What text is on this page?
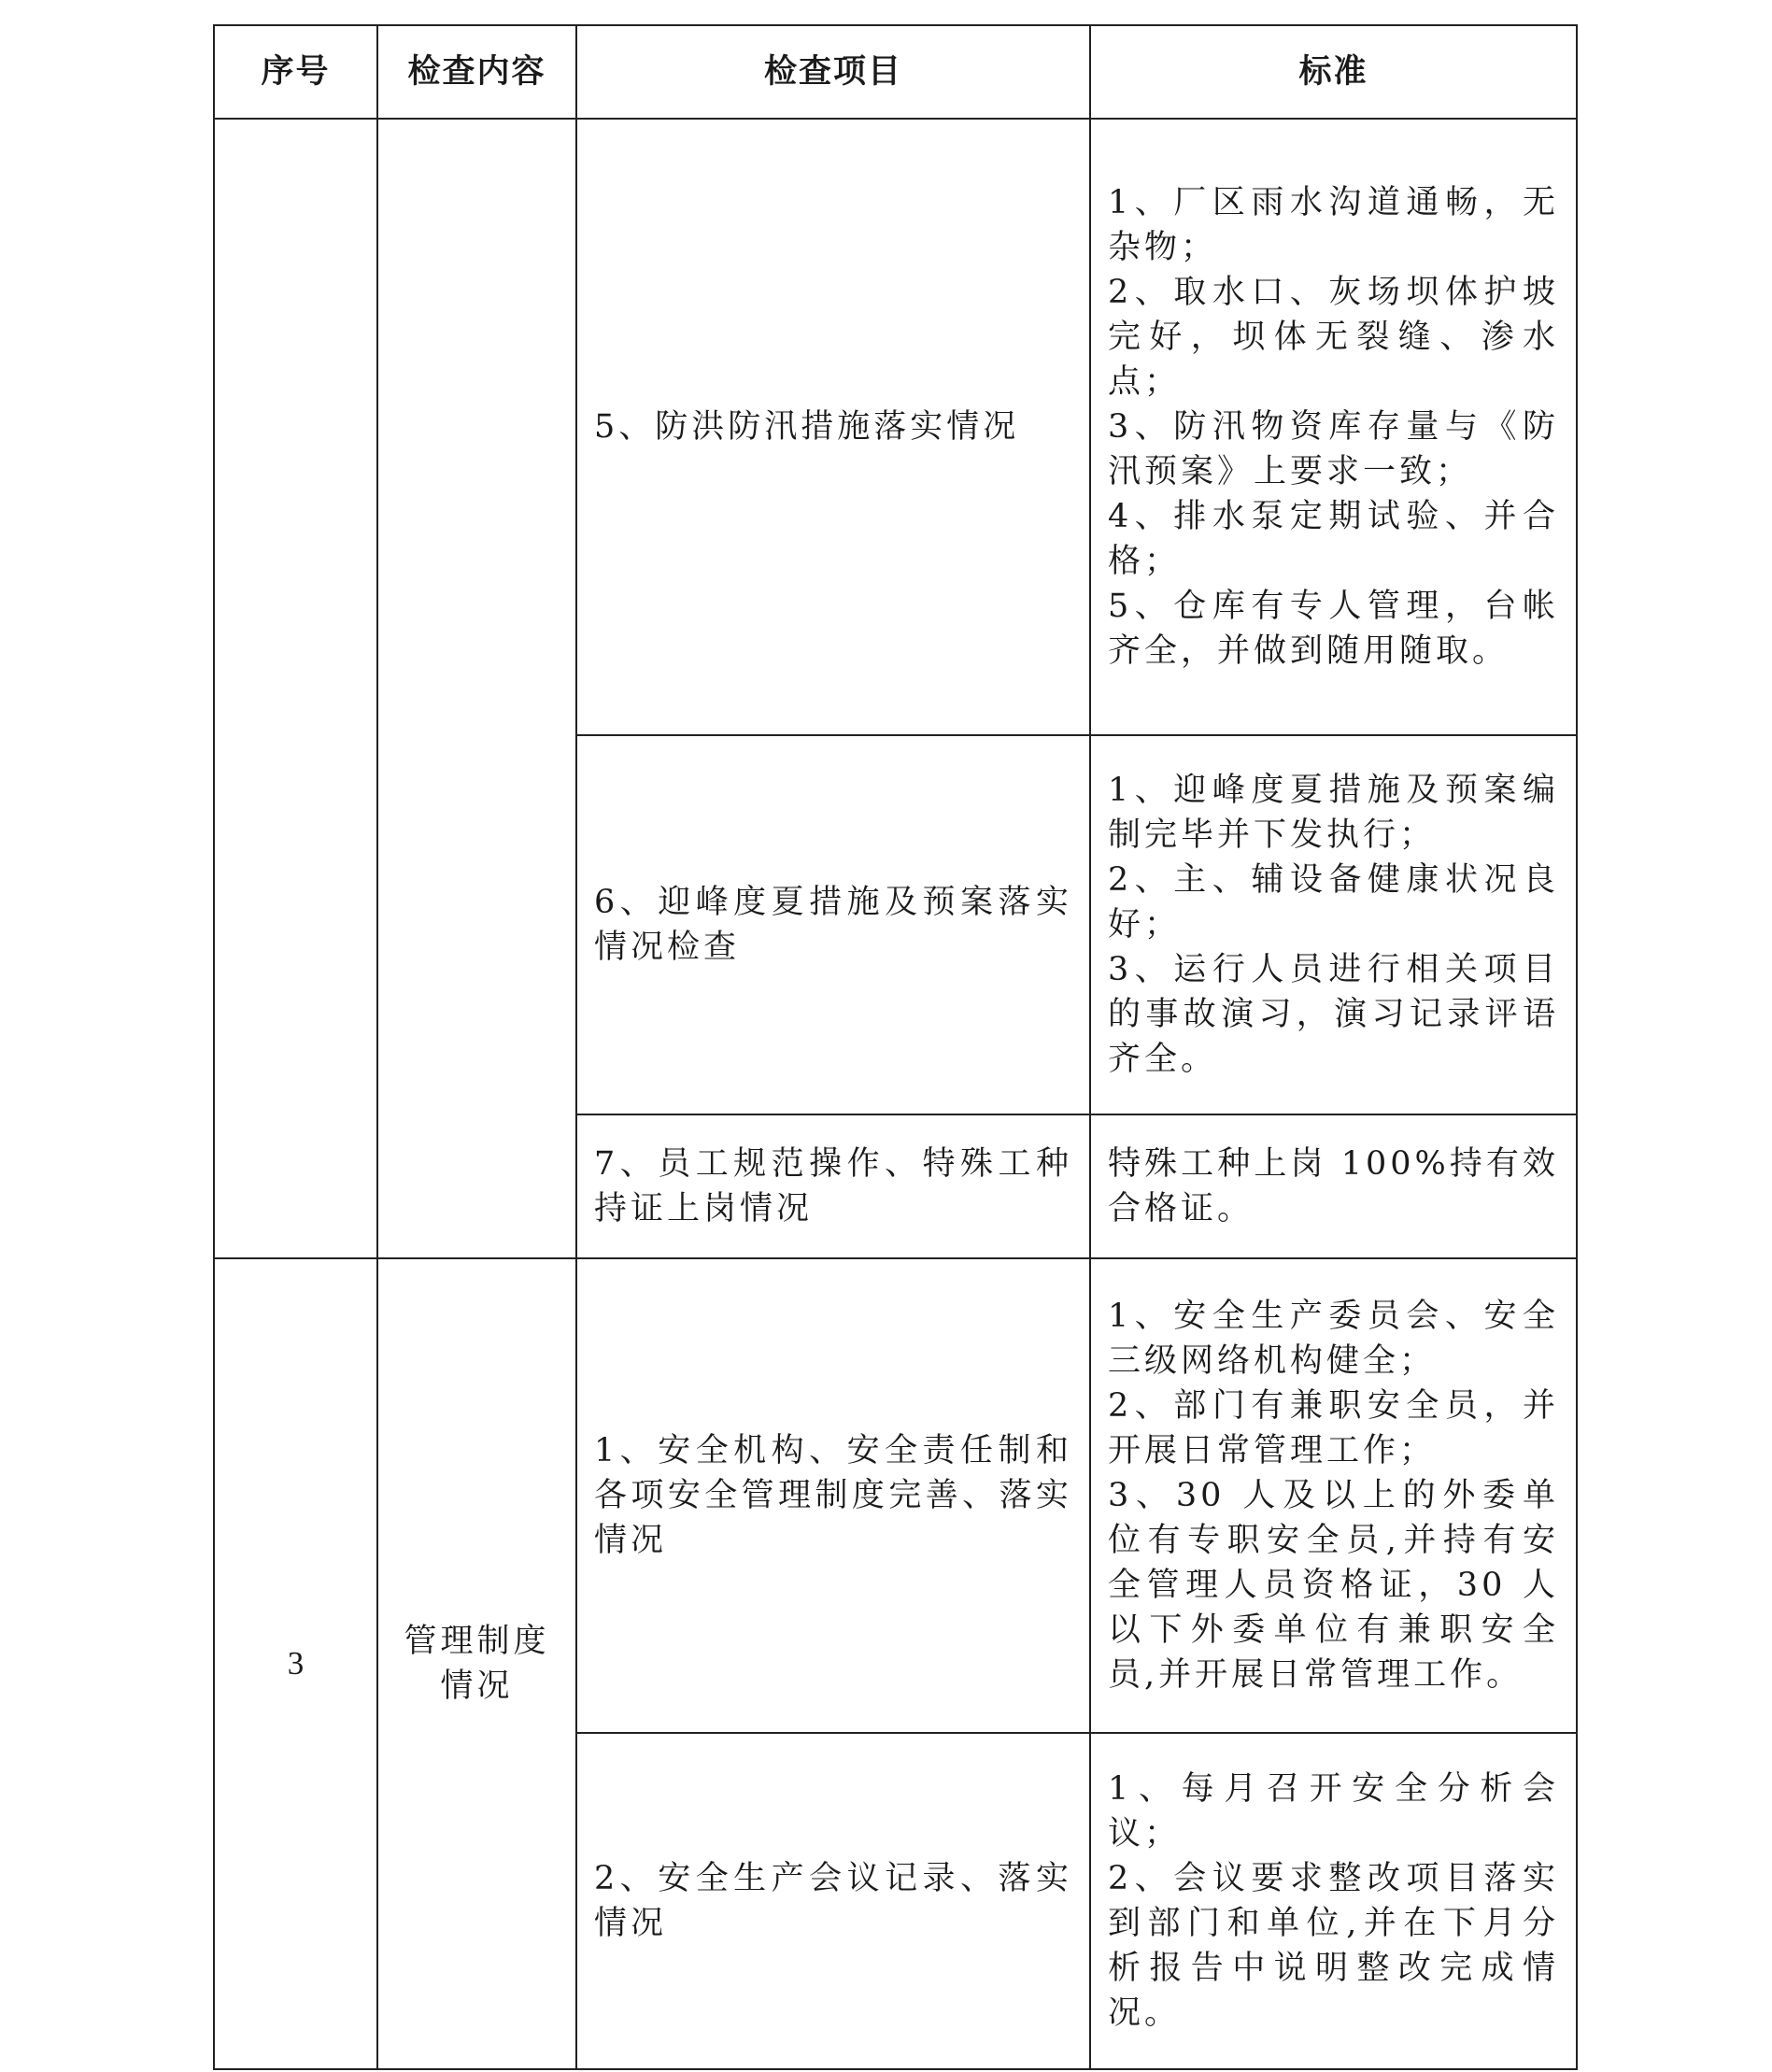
序号	检查内容	检查项目	标准
		5、防洪防汛措施落实情况	1、厂区雨水沟道通畅，无杂物；
2、取水口、灰场坝体护坡完好，坝体无裂缝、渗水点；
3、防汛物资库存量与《防汛预案》上要求一致；
4、排水泵定期试验、并合格；
5、仓库有专人管理，台帐齐全，并做到随用随取。

		6、迎峰度夏措施及预案落实情况检查	1、迎峰度夏措施及预案编制完毕并下发执行；
2、主、辅设备健康状况良好；
3、运行人员进行相关项目的事故演习，演习记录评语齐全。

		7、员工规范操作、特殊工种持证上岗情况	特殊工种上岗 100%持有效合格证。

3	管理制度情况	1、安全机构、安全责任制和各项安全管理制度完善、落实情况	1、安全生产委员会、安全三级网络机构健全；
2、部门有兼职安全员，并开展日常管理工作；
3、30 人及以上的外委单位有专职安全员,并持有安全管理人员资格证，30 人以下外委单位有兼职安全员,并开展日常管理工作。

		2、安全生产会议记录、落实情况	1、每月召开安全分析会议；
2、会议要求整改项目落实到部门和单位,并在下月分析报告中说明整改完成情况。
